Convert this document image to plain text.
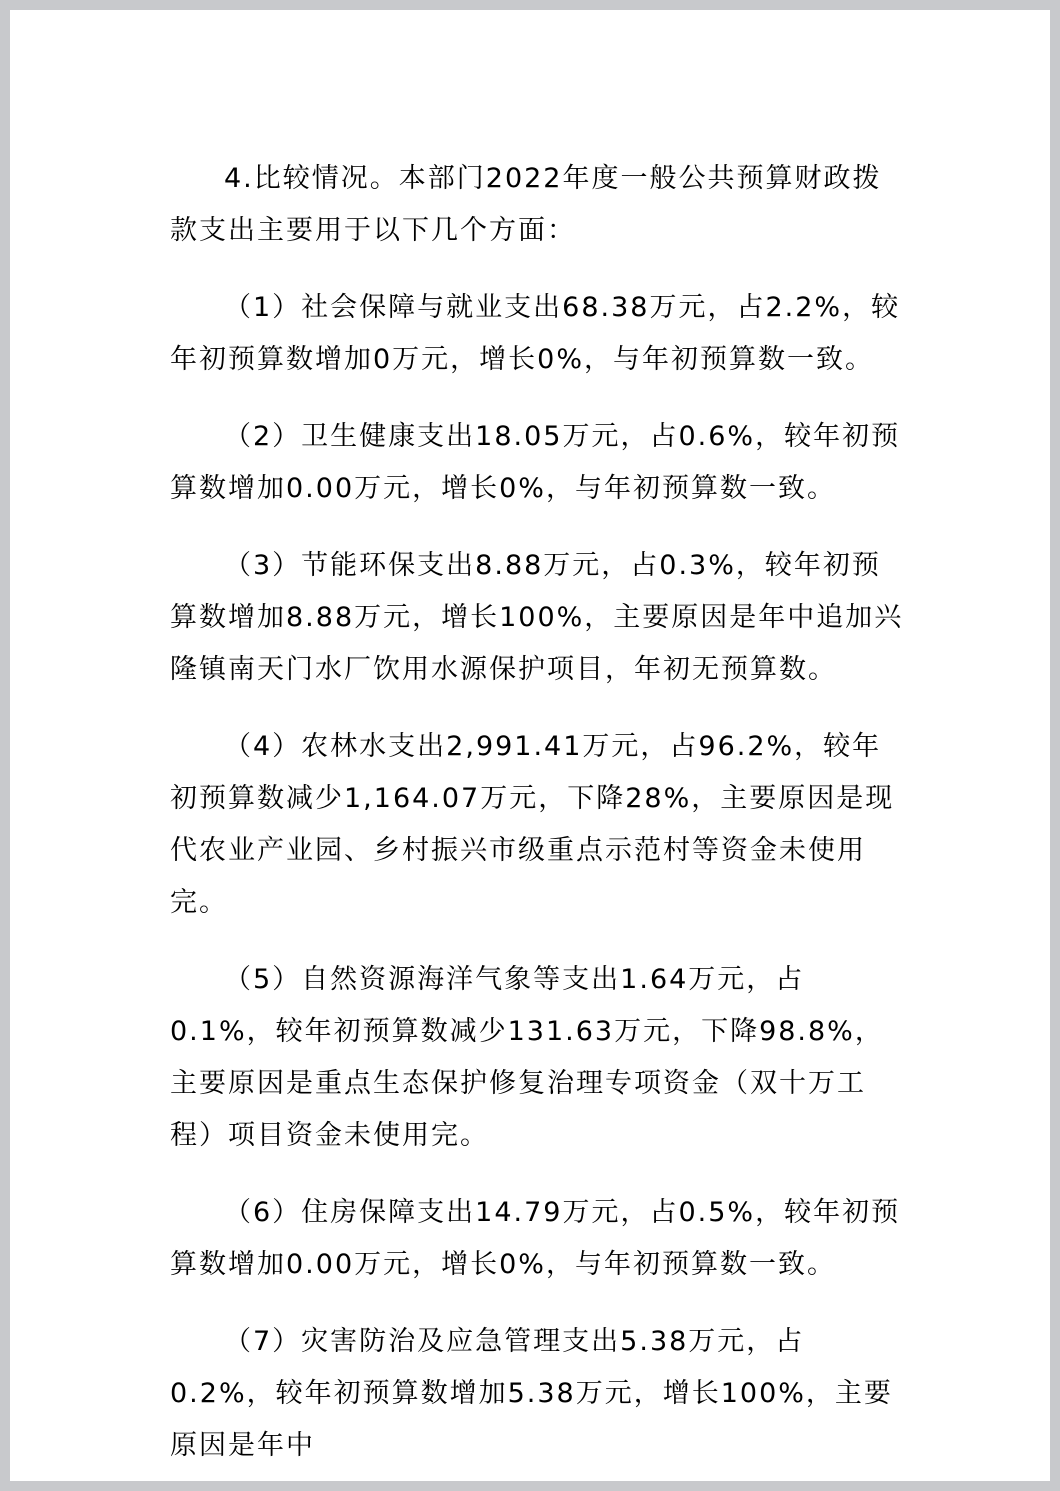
4.比较情况。本部门2022年度一般公共预算财政拨款支出主要用于以下几个方面：

（1）社会保障与就业支出68.38万元，占2.2%，较年初预算数增加0万元，增长0%，与年初预算数一致。

（2）卫生健康支出18.05万元，占0.6%，较年初预算数增加0.00万元，增长0%，与年初预算数一致。

（3）节能环保支出8.88万元，占0.3%，较年初预算数增加8.88万元，增长100%，主要原因是年中追加兴隆镇南天门水厂饮用水源保护项目，年初无预算数。

（4）农林水支出2,991.41万元，占96.2%，较年初预算数减少1,164.07万元，下降28%，主要原因是现代农业产业园、乡村振兴市级重点示范村等资金未使用完。

（5）自然资源海洋气象等支出1.64万元，占0.1%，较年初预算数减少131.63万元，下降98.8%，主要原因是重点生态保护修复治理专项资金（双十万工程）项目资金未使用完。

（6）住房保障支出14.79万元，占0.5%，较年初预算数增加0.00万元，增长0%，与年初预算数一致。

（7）灾害防治及应急管理支出5.38万元，占0.2%，较年初预算数增加5.38万元，增长100%，主要原因是年中
